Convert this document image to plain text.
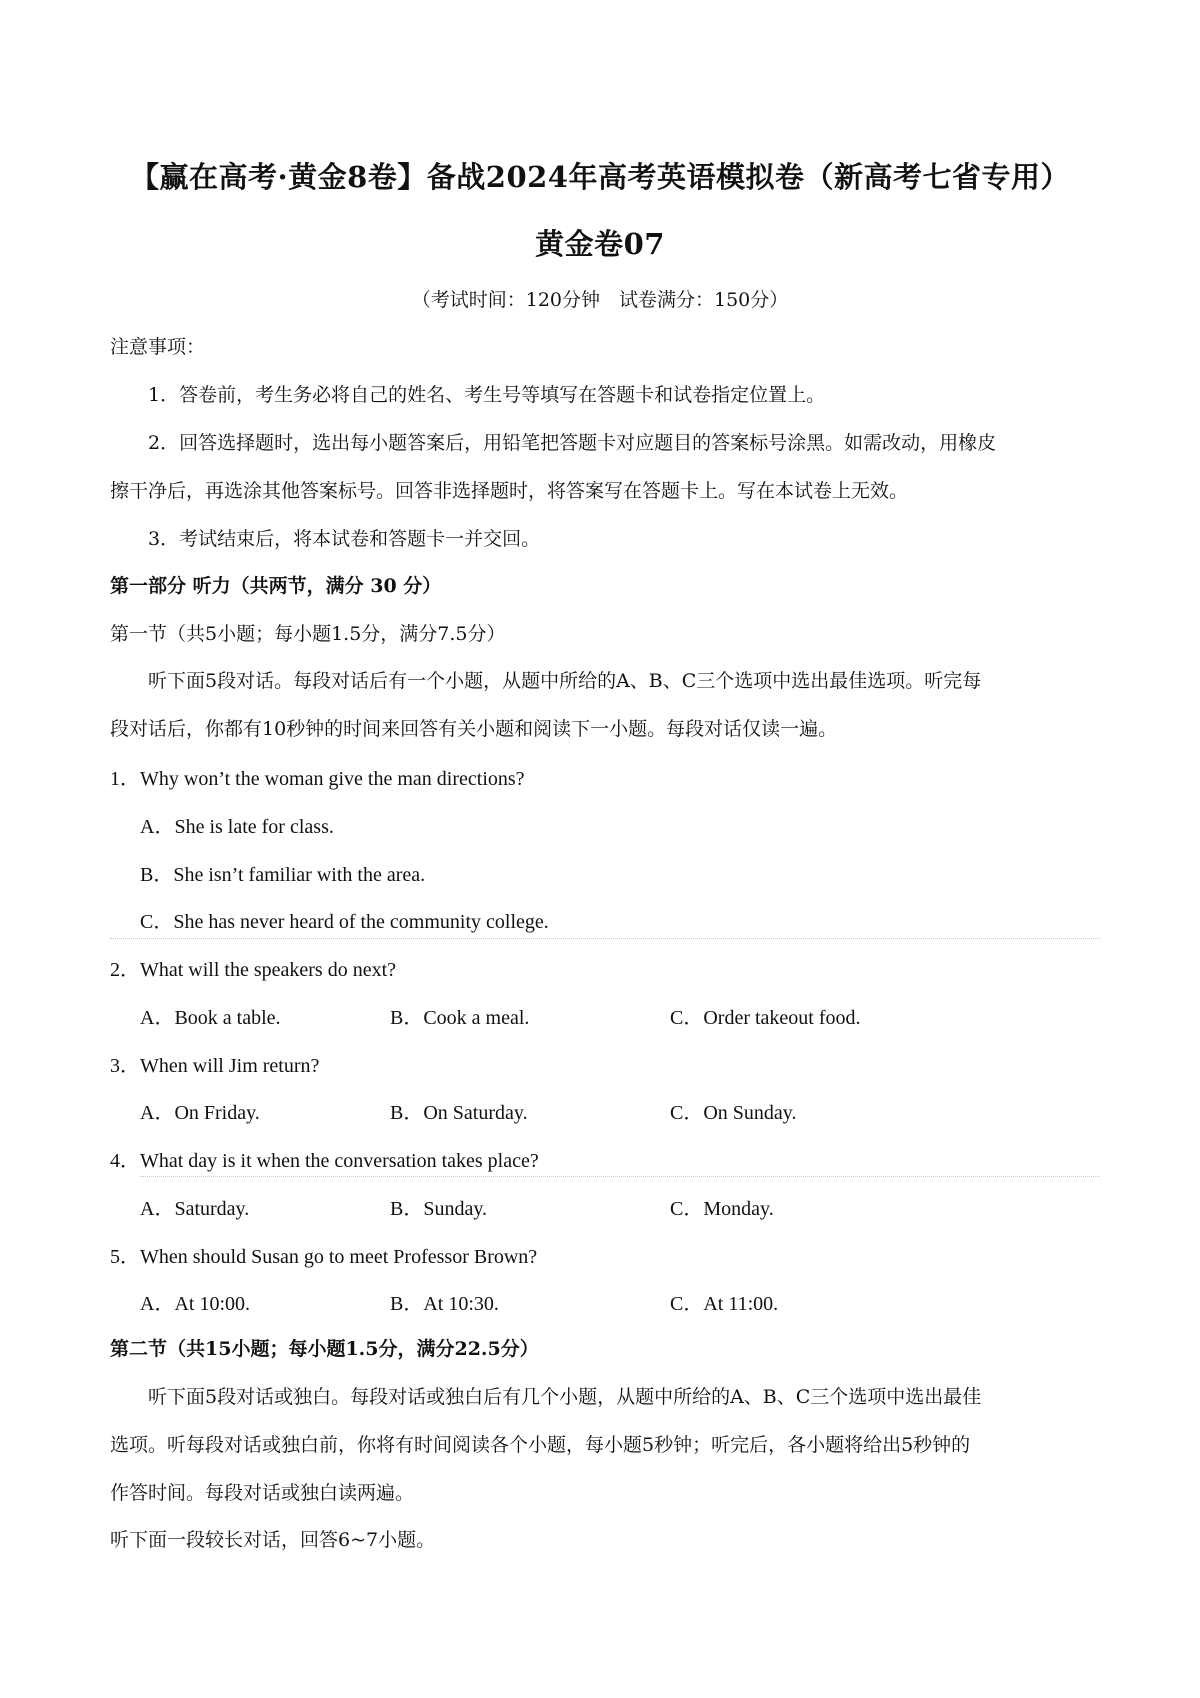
【赢在高考·黄金8卷】备战2024年高考英语模拟卷（新高考七省专用）
黄金卷07
（考试时间：120分钟　试卷满分：150分）
注意事项：
1．答卷前，考生务必将自己的姓名、考生号等填写在答题卡和试卷指定位置上。
2．回答选择题时，选出每小题答案后，用铅笔把答题卡对应题目的答案标号涂黑。如需改动，用橡皮
擦干净后，再选涂其他答案标号。回答非选择题时，将答案写在答题卡上。写在本试卷上无效。
3．考试结束后，将本试卷和答题卡一并交回。
第一部分 听力（共两节，满分 30 分）
第一节（共5小题；每小题1.5分，满分7.5分）
听下面5段对话。每段对话后有一个小题，从题中所给的A、B、C三个选项中选出最佳选项。听完每
段对话后，你都有10秒钟的时间来回答有关小题和阅读下一小题。每段对话仅读一遍。
1．Why won’t the woman give the man directions?
A．She is late for class.
B．She isn’t familiar with the area.
C．She has never heard of the community college.
2．What will the speakers do next?
A．Book a table.	B．Cook a meal.	C．Order takeout food.
3．When will Jim return?
A．On Friday.	B．On Saturday.	C．On Sunday.
4．What day is it when the conversation takes place?
A．Saturday.	B．Sunday.	C．Monday.
5．When should Susan go to meet Professor Brown?
A．At 10:00.	B．At 10:30.	C．At 11:00.
第二节（共15小题；每小题1.5分，满分22.5分）
听下面5段对话或独白。每段对话或独白后有几个小题，从题中所给的A、B、C三个选项中选出最佳
选项。听每段对话或独白前，你将有时间阅读各个小题，每小题5秒钟；听完后，各小题将给出5秒钟的
作答时间。每段对话或独白读两遍。
听下面一段较长对话，回答6~7小题。
